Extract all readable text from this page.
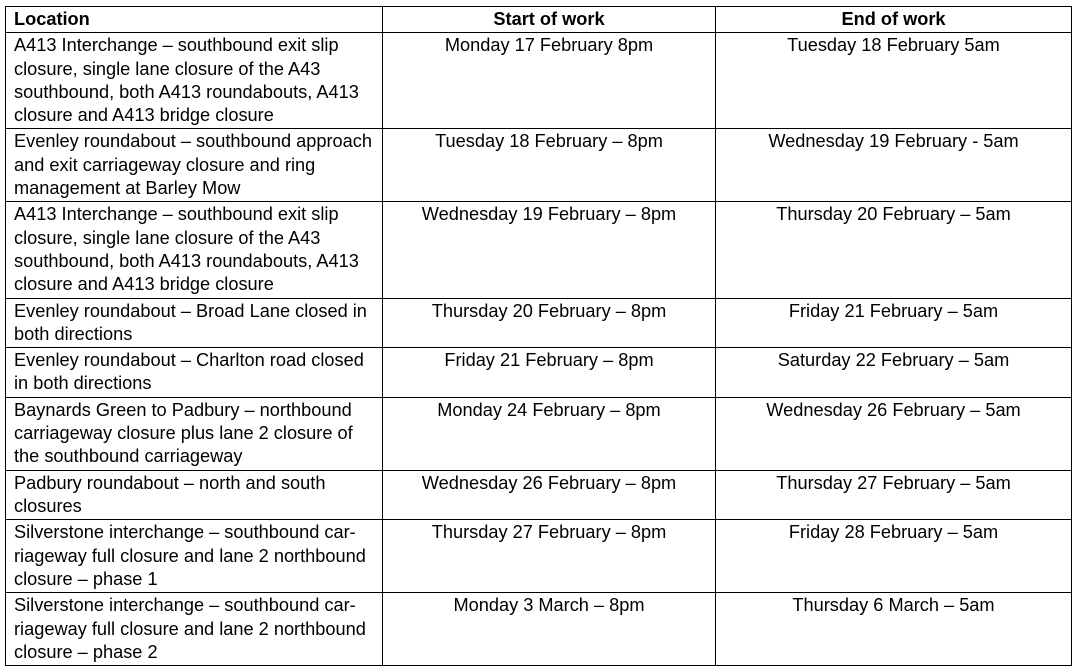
Location	Start of work	End of work
A413 Interchange – southbound exit slip closure, single lane closure of the A43 southbound, both A413 roundabouts, A413 closure and A413 bridge closure	Monday 17 February 8pm	Tuesday 18 February 5am
Evenley roundabout – southbound approach and exit carriageway closure and ring management at Barley Mow	Tuesday 18 February – 8pm	Wednesday 19 February - 5am
A413 Interchange – southbound exit slip closure, single lane closure of the A43 southbound, both A413 roundabouts, A413 closure and A413 bridge closure	Wednesday 19 February – 8pm	Thursday 20 February – 5am
Evenley roundabout – Broad Lane closed in both directions	Thursday 20 February – 8pm	Friday 21 February – 5am
Evenley roundabout – Charlton road closed in both directions	Friday 21 February – 8pm	Saturday 22 February – 5am
Baynards Green to Padbury – northbound carriageway closure plus lane 2 closure of the southbound carriageway	Monday 24 February – 8pm	Wednesday 26 February – 5am
Padbury roundabout – north and south closures	Wednesday 26 February – 8pm	Thursday 27 February – 5am
Silverstone interchange – southbound car-riageway full closure and lane 2 northbound closure – phase 1	Thursday 27 February – 8pm	Friday 28 February – 5am
Silverstone interchange – southbound car-riageway full closure and lane 2 northbound closure – phase 2	Monday 3 March – 8pm	Thursday 6 March – 5am
